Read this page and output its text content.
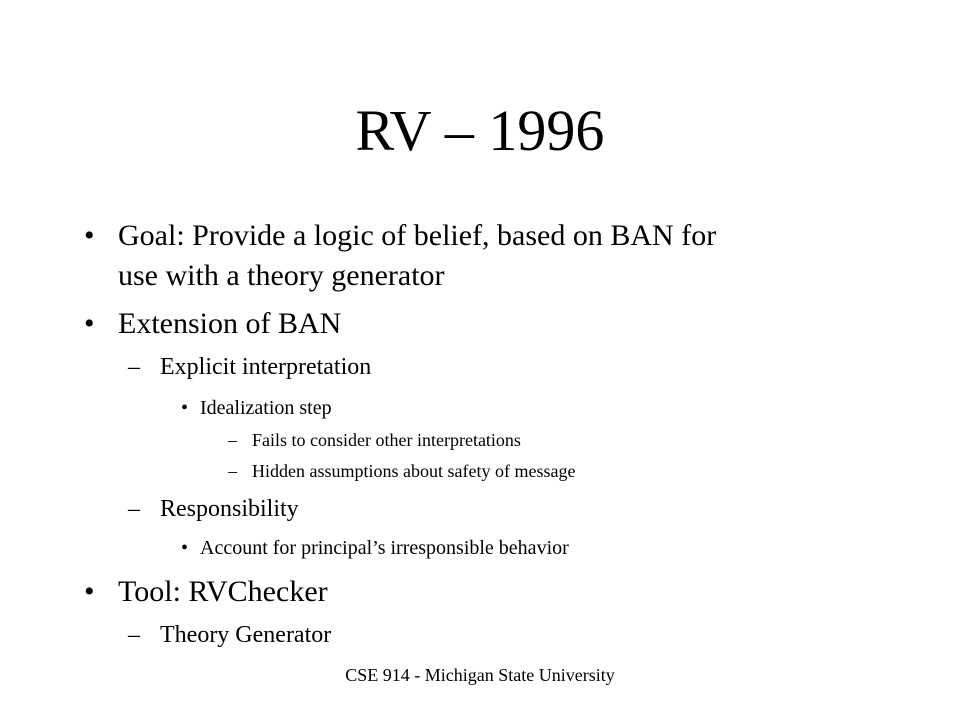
RV – 1996
• Goal: Provide a logic of belief, based on BAN for
use with a theory generator
• Extension of BAN
– Explicit interpretation
• Idealization step
– Fails to consider other interpretations
– Hidden assumptions about safety of message
– Responsibility
• Account for principal’s irresponsible behavior
• Tool: RVChecker
– Theory Generator
CSE 914 - Michigan State University
